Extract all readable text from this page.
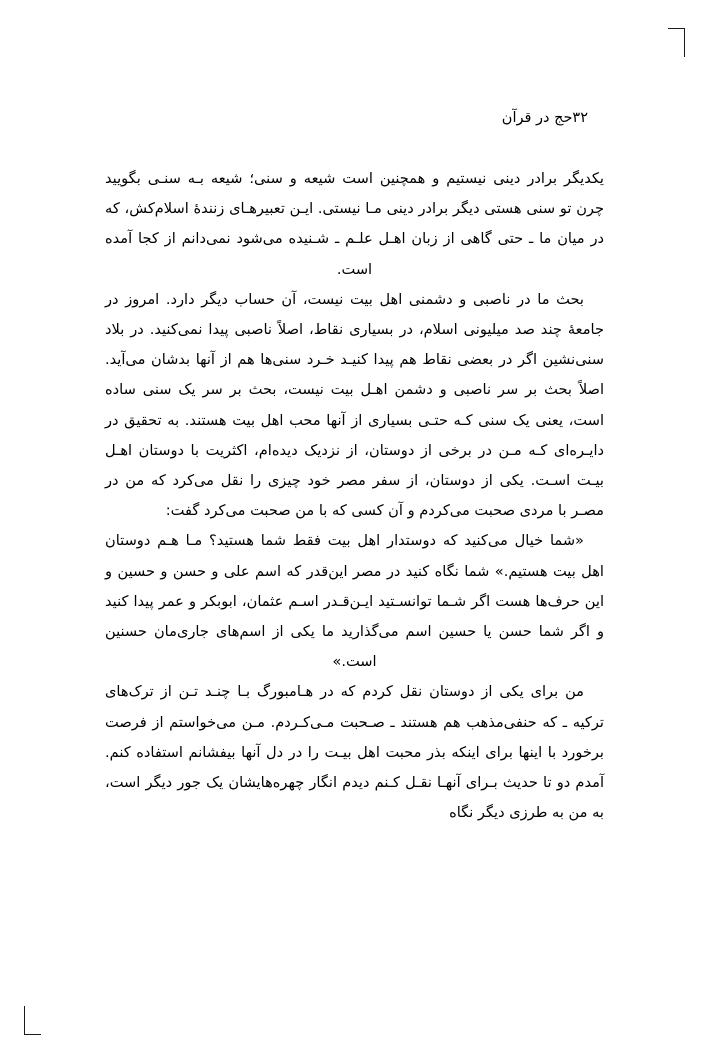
۳۲حج در قرآن

یکدیگر برادر دینی نیستیم و همچنین است شیعه و سنی؛ شیعه بـه سنـی بگویید چرن تو سنی هستی دیگر برادر دینی مـا نیستی. ایـن تعبیرهـای زنندهٔ اسلام‌کش، که در میان ما ـ حتی گاهی از زبان اهـل علـم ـ شـنیده می‌شود نمی‌دانم از کجا آمده است.

بحث ما در ناصبی و دشمنی اهل بیت نیست، آن حساب دیگر دارد. امروز در جامعهٔ چند صد میلیونی اسلام، در بسیاری نقاط، اصلاً ناصبی پیدا نمی‌کنید. در بلاد سنی‌نشین اگر در بعضی نقاط هم پیدا کنیـد خـرد سنی‌ها هم از آنها بدشان می‌آید. اصلاً بحث بر سر ناصبی و دشمن اهـل بیت نیست، بحث بر سر یک سنی ساده است، یعنی یک سنی کـه حتـی بسیاری از آنها محب اهل بیت هستند. به تحقیق در دایـره‌ای کـه مـن در برخی از دوستان، از نزدیک دیده‌ام، اکثریت با دوستان اهـل بیـت اسـت. یکی از دوستان، از سفر مصر خود چیزی را نقل می‌کرد که من در مصـر با مردی صحبت می‌کردم و آن کسی که با من صحبت می‌کرد گفت:

«شما خیال می‌کنید که دوستدار اهل بیت فقط شما هستید؟ مـا هـم دوستان اهل بیت هستیم.» شما نگاه کنید در مصر این‌قدر که اسم علی و حسن و حسین و این حرف‌ها هست اگر شـما توانسـتید ایـن‌قـدر اسـم عثمان، ابوبکر و عمر پیدا کنید و اگر شما حسن یا حسین اسم می‌گذارید ما یکی از اسم‌های جاری‌مان حسنین است.»

من برای یکی از دوستان نقل کردم که در هـامبورگ بـا چنـد تـن از ترک‌های ترکیه ـ که حنفی‌مذهب هم هستند ـ صـحبت مـی‌کـردم. مـن می‌خواستم از فرصت برخورد با اینها برای اینکه بذر محبت اهل بیـت را در دل آنها بیفشانم استفاده کنم. آمدم دو تا حدیث بـرای آنهـا نقـل کـنم دیدم انگار چهره‌هایشان یک جور دیگر است، به من به طرزی دیگر نگاه
